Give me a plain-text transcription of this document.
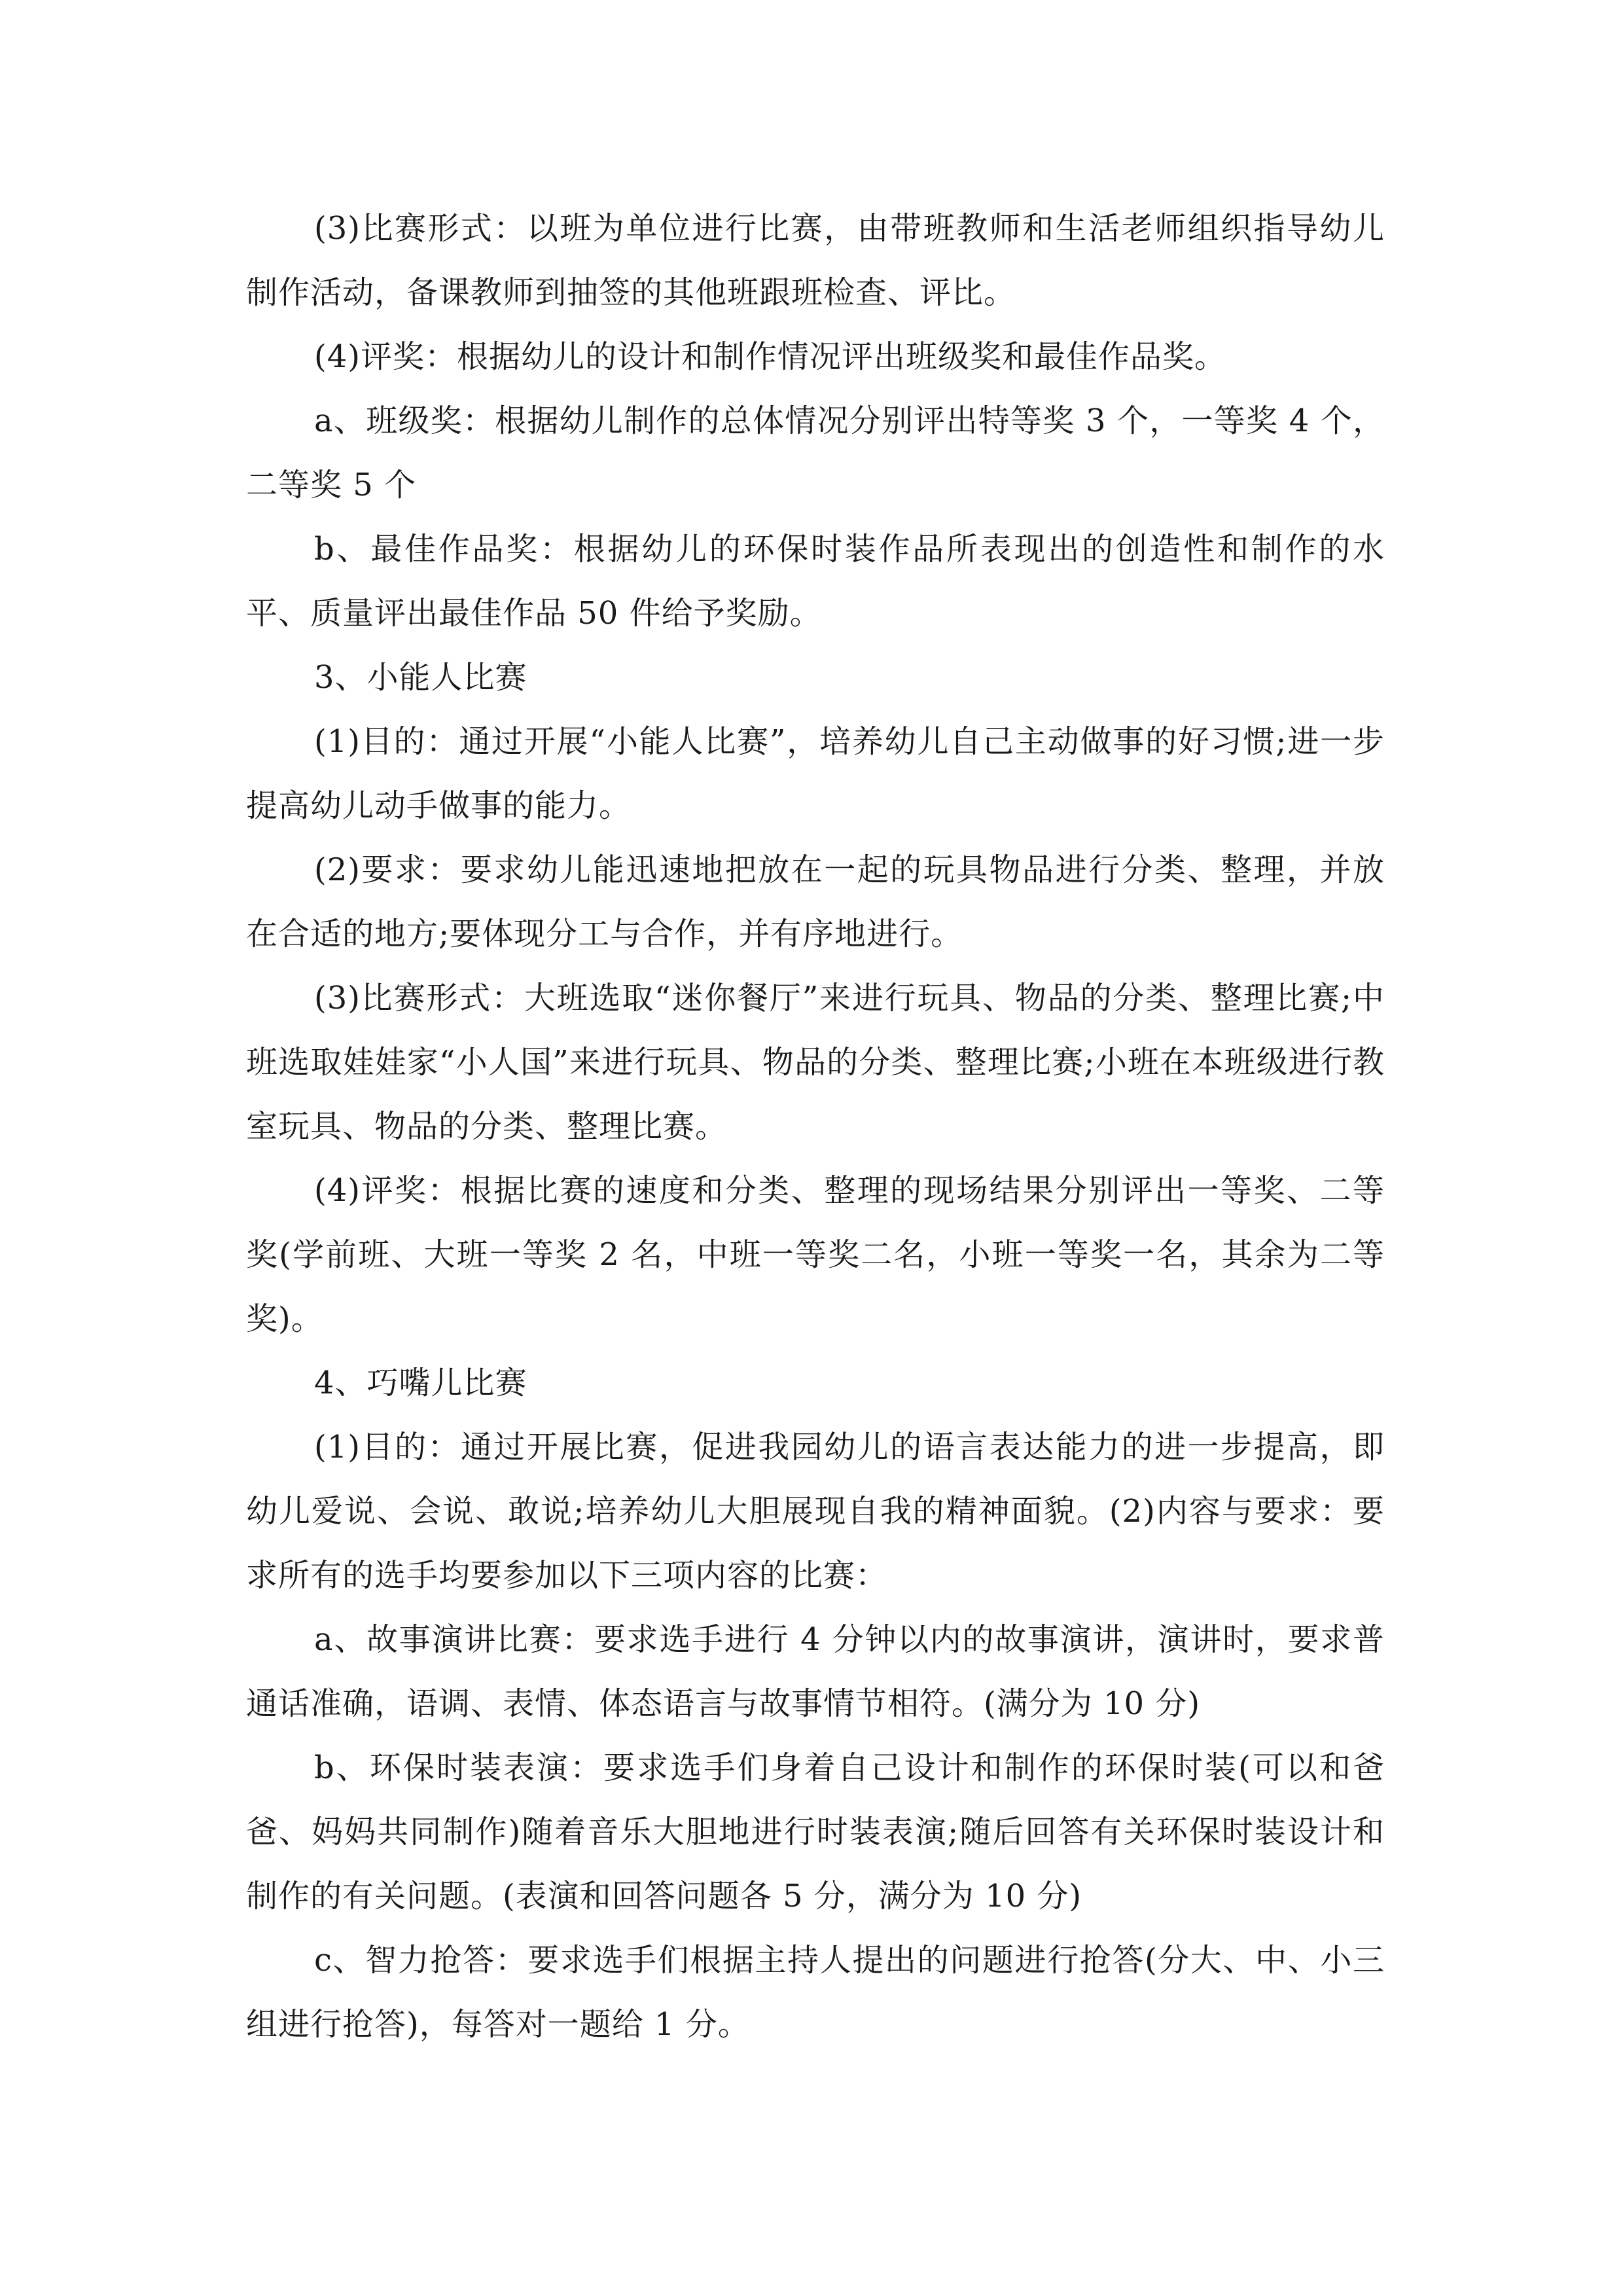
(3)比赛形式：以班为单位进行比赛，由带班教师和生活老师组织指导幼儿制作活动，备课教师到抽签的其他班跟班检查、评比。

(4)评奖：根据幼儿的设计和制作情况评出班级奖和最佳作品奖。

a、班级奖：根据幼儿制作的总体情况分别评出特等奖 3 个，一等奖 4 个，二等奖 5 个

b、最佳作品奖：根据幼儿的环保时装作品所表现出的创造性和制作的水平、质量评出最佳作品 50 件给予奖励。

3、小能人比赛

(1)目的：通过开展“小能人比赛”，培养幼儿自己主动做事的好习惯;进一步提高幼儿动手做事的能力。

(2)要求：要求幼儿能迅速地把放在一起的玩具物品进行分类、整理，并放在合适的地方;要体现分工与合作，并有序地进行。

(3)比赛形式：大班选取“迷你餐厅”来进行玩具、物品的分类、整理比赛;中班选取娃娃家“小人国”来进行玩具、物品的分类、整理比赛;小班在本班级进行教室玩具、物品的分类、整理比赛。

(4)评奖：根据比赛的速度和分类、整理的现场结果分别评出一等奖、二等奖(学前班、大班一等奖 2 名，中班一等奖二名，小班一等奖一名，其余为二等奖)。

4、巧嘴儿比赛

(1)目的：通过开展比赛，促进我园幼儿的语言表达能力的进一步提高，即幼儿爱说、会说、敢说;培养幼儿大胆展现自我的精神面貌。(2)内容与要求：要求所有的选手均要参加以下三项内容的比赛：

a、故事演讲比赛：要求选手进行 4 分钟以内的故事演讲，演讲时，要求普通话准确，语调、表情、体态语言与故事情节相符。(满分为 10 分)

b、环保时装表演：要求选手们身着自己设计和制作的环保时装(可以和爸爸、妈妈共同制作)随着音乐大胆地进行时装表演;随后回答有关环保时装设计和制作的有关问题。(表演和回答问题各 5 分，满分为 10 分)

c、智力抢答：要求选手们根据主持人提出的问题进行抢答(分大、中、小三组进行抢答)，每答对一题给 1 分。
